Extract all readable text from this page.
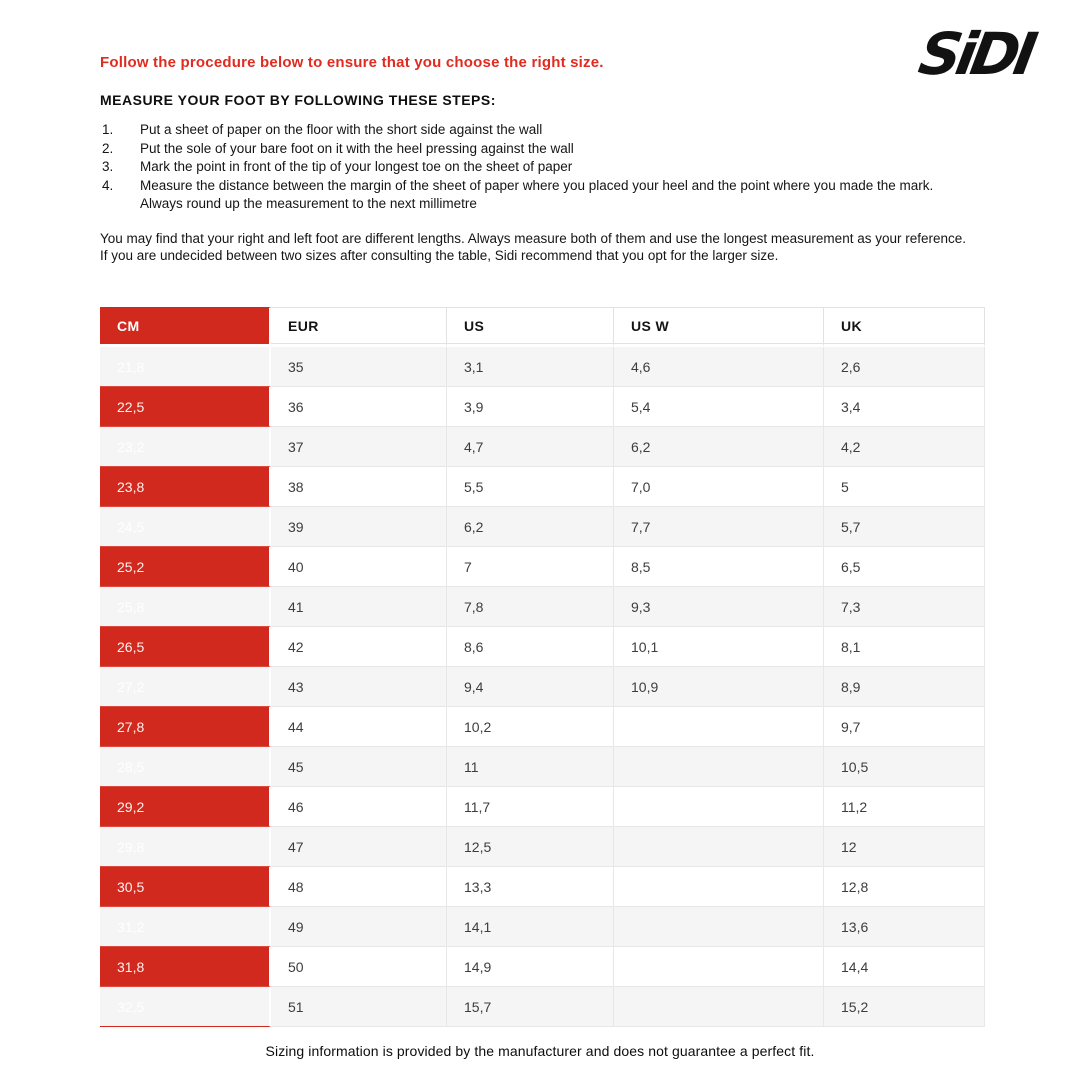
Follow the procedure below to ensure that you choose the right size.	SiDI
MEASURE YOUR FOOT BY FOLLOWING THESE STEPS:
1.	Put a sheet of paper on the floor with the short side against the wall
2.	Put the sole of your bare foot on it with the heel pressing against the wall
3.	Mark the point in front of the tip of your longest toe on the sheet of paper
4.	Measure the distance between the margin of the sheet of paper where you placed your heel and the point where you made the mark. Always round up the measurement to the next millimetre

You may find that your right and left foot are different lengths. Always measure both of them and use the longest measurement as your reference.

If you are undecided between two sizes after consulting the table, Sidi recommend that you opt for the larger size.

CM	EUR	US	US W	UK
21,8	35	3,1	4,6	2,6
22,5	36	3,9	5,4	3,4
23,2	37	4,7	6,2	4,2
23,8	38	5,5	7,0	5
24,5	39	6,2	7,7	5,7
25,2	40	7	8,5	6,5
25,8	41	7,8	9,3	7,3
26,5	42	8,6	10,1	8,1
27,2	43	9,4	10,9	8,9
27,8	44	10,2		9,7
28,5	45	11		10,5
29,2	46	11,7		11,2
29,8	47	12,5		12
30,5	48	13,3		12,8
31,2	49	14,1		13,6
31,8	50	14,9		14,4
32,5	51	15,7		15,2
Sizing information is provided by the manufacturer and does not guarantee a perfect fit.
